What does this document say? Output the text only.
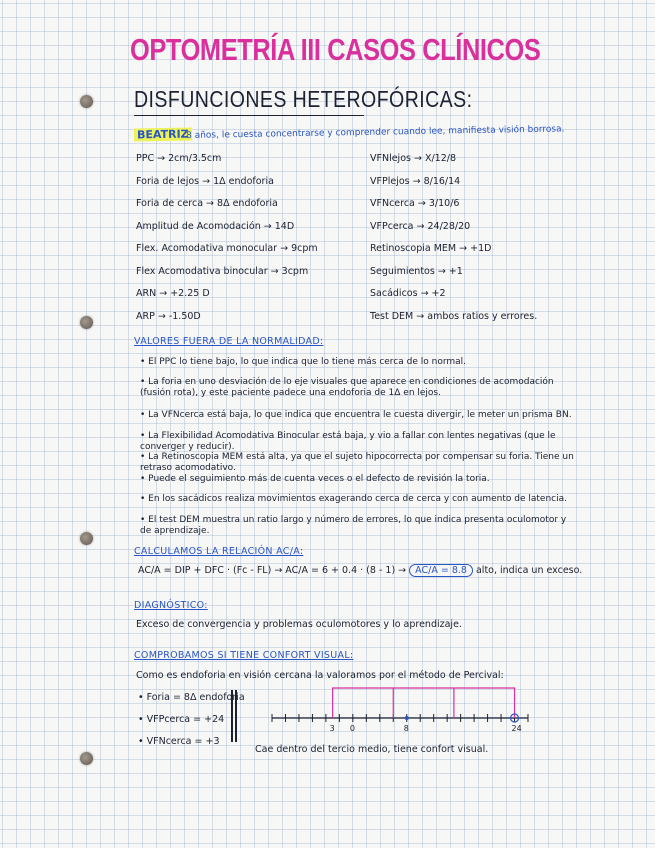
OPTOMETRÍA III CASOS CLÍNICOS
DISFUNCIONES HETEROFÓRICAS:
BEATRIZ
8 años, le cuesta concentrarse y comprender cuando lee, manifiesta visión borrosa.
PPC → 2cm/3.5cm
Foria de lejos → 1Δ endoforia
Foria de cerca → 8Δ endoforia
Amplitud de Acomodación → 14D
Flex. Acomodativa monocular → 9cpm
Flex Acomodativa binocular → 3cpm
ARN → +2.25 D
ARP → -1.50D
VFNlejos → X/12/8
VFPlejos → 8/16/14
VFNcerca → 3/10/6
VFPcerca → 24/28/20
Retinoscopia MEM → +1D
Seguimientos → +1
Sacádicos → +2
Test DEM → ambos ratios y errores.
VALORES FUERA DE LA NORMALIDAD:
• El PPC lo tiene bajo, lo que indica que lo tiene más cerca de lo normal.
• La foria en uno desviación de lo eje visuales que aparece en condiciones de acomodación (fusión rota), y este paciente padece una endoforia de 1Δ en lejos.
• La VFNcerca está baja, lo que indica que encuentra le cuesta divergir, le meter un prisma BN.
• La Flexibilidad Acomodativa Binocular está baja, y vio a fallar con lentes negativas (que le converger y reducir).
• La Retinoscopia MEM está alta, ya que el sujeto hipocorrecta por compensar su foria. Tiene un retraso acomodativo.
• Puede el seguimiento más de cuenta veces o el defecto de revisión la toria.
• En los sacádicos realiza movimientos exagerando cerca de cerca y con aumento de latencia.
• El test DEM muestra un ratio largo y número de errores, lo que indica presenta oculomotor y de aprendizaje.
CALCULAMOS LA RELACIÓN AC/A:
AC/A = DIP + DFC · (Fc - FL) → AC/A = 6 + 0.4 · (8 - 1) → AC/A = 8.8 alto, indica un exceso.
DIAGNÓSTICO:
Exceso de convergencia y problemas oculomotores y lo aprendizaje.
COMPROBAMOS SI TIENE CONFORT VISUAL:
Como es endoforia en visión cercana la valoramos por el método de Percival:
• Foria = 8Δ endoforia
• VFPcerca = +24
• VFNcerca = +3
3 0	8	24
Cae dentro del tercio medio, tiene confort visual.
